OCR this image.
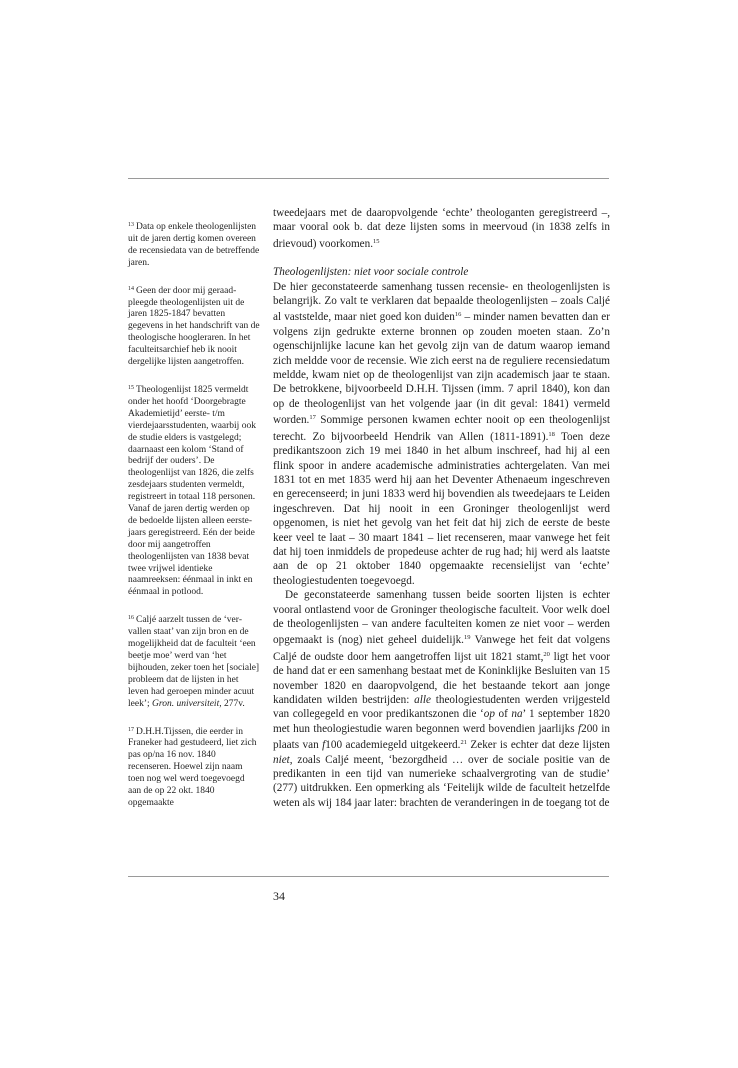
$^{13}$ Data op enkele theologenlijsten uit de jaren dertig komen overeen de recensiedata van de betreffende jaren.
$^{14}$ Geen der door mij geraadpleegde theologenlijsten uit de jaren 1825-1847 bevatten gegevens in het handschrift van de theologische hoogleraren. In het faculteitsarchief heb ik nooit dergelijke lijsten aangetroffen.
$^{15}$ Theologenlijst 1825 vermeldt onder het hoofd ‘Doorgebragte Akademietijd’ eerste- t/m vierdejaarsstudenten, waarbij ook de studie elders is vastgelegd; daarnaast een kolom ‘Stand of bedrijf der ouders’. De theologenlijst van 1826, die zelfs zesdejaars studenten vermeldt, registreert in totaal 118 personen. Vanaf de jaren dertig werden op de bedoelde lijsten alleen eerstejaars geregistreerd. Eén der beide door mij aangetroffen theologenlijsten van 1838 bevat twee vrijwel identieke naamreeksen: éénmaal in inkt en éénmaal in potlood.
$^{16}$ Caljé aarzelt tussen de ‘vervallen staat’ van zijn bron en de mogelijkheid dat de faculteit ‘een beetje moe’ werd van ‘het bijhouden, zeker toen het [sociale] probleem dat de lijsten in het leven had geroepen minder acuut leek’; Gron. universiteit, 277v.
$^{17}$ D.H.H.Tijssen, die eerder in Franeker had gestudeerd, liet zich pas op/na 16 nov. 1840 recenseren. Hoewel zijn naam toen nog wel werd toegevoegd aan de op 22 okt. 1840 opgemaakte

tweedejaars met de daaropvolgende ‘echte’ theologanten geregistreerd –, maar vooral ook b. dat deze lijsten soms in meervoud (in 1838 zelfs in drievoud) voorkomen.$^{15}$

Theologenlijsten: niet voor sociale controle

De hier geconstateerde samenhang tussen recensie- en theologenlijsten is belangrijk. Zo valt te verklaren dat bepaalde theologenlijsten – zoals Caljé al vaststelde, maar niet goed kon duiden$^{16}$ – minder namen bevatten dan er volgens zijn gedrukte externe bronnen op zouden moeten staan. Zo’n ogenschijnlijke lacune kan het gevolg zijn van de datum waarop iemand zich meldde voor de recensie. Wie zich eerst na de reguliere recensiedatum meldde, kwam niet op de theologenlijst van zijn academisch jaar te staan. De betrokkene, bijvoorbeeld D.H.H. Tijssen (imm. 7 april 1840), kon dan op de theologenlijst van het volgende jaar (in dit geval: 1841) vermeld worden.$^{17}$ Sommige personen kwamen echter nooit op een theologenlijst terecht. Zo bijvoorbeeld Hendrik van Allen (1811-1891).$^{18}$ Toen deze predikantszoon zich 19 mei 1840 in het album inschreef, had hij al een flink spoor in andere academische administraties achtergelaten. Van mei 1831 tot en met 1835 werd hij aan het Deventer Athenaeum ingeschreven en gerecenseerd; in juni 1833 werd hij bovendien als tweedejaars te Leiden ingeschreven. Dat hij nooit in een Groninger theologenlijst werd opgenomen, is niet het gevolg van het feit dat hij zich de eerste de beste keer veel te laat – 30 maart 1841 – liet recenseren, maar vanwege het feit dat hij toen inmiddels de propedeuse achter de rug had; hij werd als laatste aan de op 21 oktober 1840 opgemaakte recensielijst van ‘echte’ theologiestudenten toegevoegd.

De geconstateerde samenhang tussen beide soorten lijsten is echter vooral ontlastend voor de Groninger theologische faculteit. Voor welk doel de theologenlijsten – van andere faculteiten komen ze niet voor – werden opgemaakt is (nog) niet geheel duidelijk.$^{19}$ Vanwege het feit dat volgens Caljé de oudste door hem aangetroffen lijst uit 1821 stamt,$^{20}$ ligt het voor de hand dat er een samenhang bestaat met de Koninklijke Besluiten van 15 november 1820 en daaropvolgend, die het bestaande tekort aan jonge kandidaten wilden bestrijden: alle theologiestudenten werden vrijgesteld van collegegeld en voor predikantszonen die ‘op of na’ 1 september 1820 met hun theologiestudie waren begonnen werd bovendien jaarlijks f200 in plaats van f100 academiegeld uitgekeerd.$^{21}$ Zeker is echter dat deze lijsten niet, zoals Caljé meent, ‘bezorgdheid … over de sociale positie van de predikanten in een tijd van numerieke schaalvergroting van de studie’ (277) uitdrukken. Een opmerking als ‘Feitelijk wilde de faculteit hetzelfde weten als wij 184 jaar later: brachten de veranderingen in de toegang tot de

34
